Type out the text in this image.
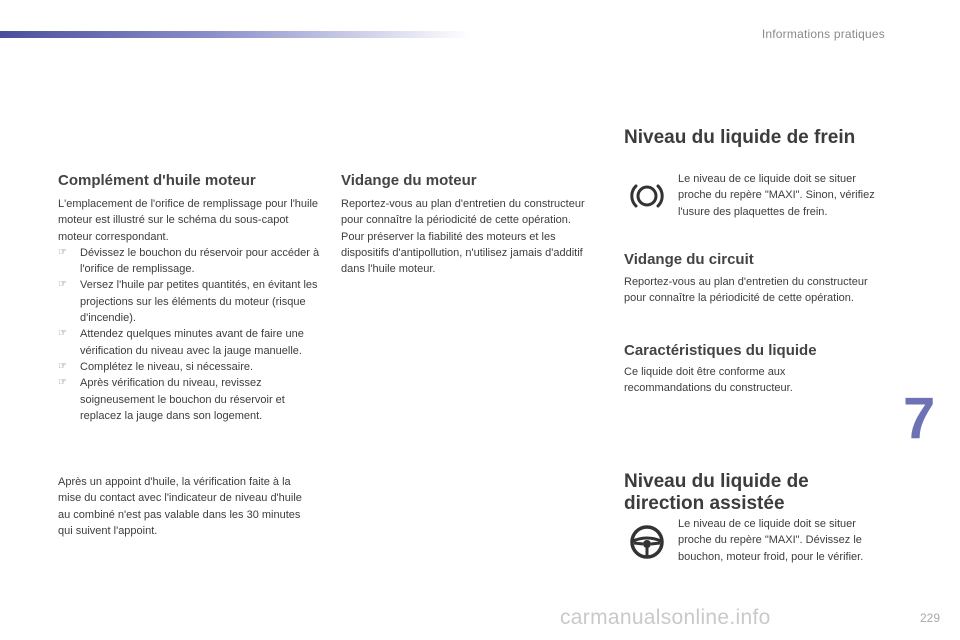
Informations pratiques
Complément d'huile moteur
L'emplacement de l'orifice de remplissage pour l'huile moteur est illustré sur le schéma du sous-capot moteur correspondant.
☞ Dévissez le bouchon du réservoir pour accéder à l'orifice de remplissage.
☞ Versez l'huile par petites quantités, en évitant les projections sur les éléments du moteur (risque d'incendie).
☞ Attendez quelques minutes avant de faire une vérification du niveau avec la jauge manuelle.
☞ Complétez le niveau, si nécessaire.
☞ Après vérification du niveau, revissez soigneusement le bouchon du réservoir et replacez la jauge dans son logement.
Après un appoint d'huile, la vérification faite à la mise du contact avec l'indicateur de niveau d'huile au combiné n'est pas valable dans les 30 minutes qui suivent l'appoint.
Vidange du moteur
Reportez-vous au plan d'entretien du constructeur pour connaître la périodicité de cette opération.
Pour préserver la fiabilité des moteurs et les dispositifs d'antipollution, n'utilisez jamais d'additif dans l'huile moteur.
Niveau du liquide de frein
Le niveau de ce liquide doit se situer proche du repère "MAXI". Sinon, vérifiez l'usure des plaquettes de frein.
Vidange du circuit
Reportez-vous au plan d'entretien du constructeur pour connaître la périodicité de cette opération.
Caractéristiques du liquide
Ce liquide doit être conforme aux recommandations du constructeur.
Niveau du liquide de
direction assistée
Le niveau de ce liquide doit se situer proche du repère "MAXI". Dévissez le bouchon, moteur froid, pour le vérifier.
7
carmanualsonline.info	229
